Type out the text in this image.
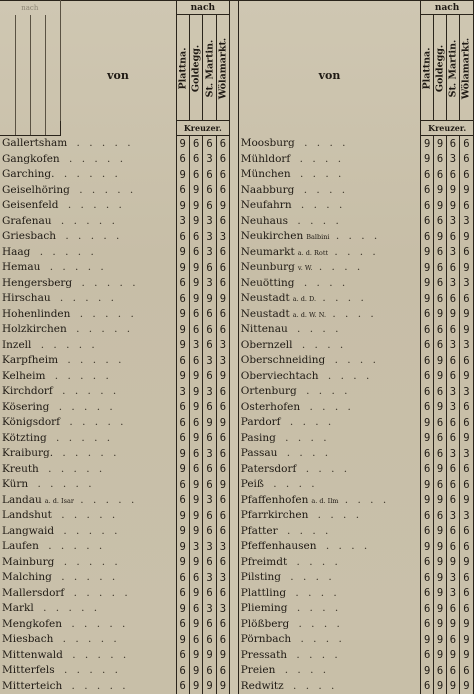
nach					nach						nach			
				von	Plattna.	Goldegg.	St. Martin.	Wölamarkt.		von	Plattna.	Goldegg.	St. Martin.	Wölamarkt.

					Kreuzer.						Kreuzer.			
Gallertsham . . . . .					9	6	6	6		Moosburg . . . .	9	9	6	6
Gangkofen . . . . .					6	6	3	6		Mühldorf . . . .	9	6	3	6
Garching. . . . . .					9	6	6	6		München . . . .	6	6	6	6
Geiselhöring . . . . .					6	9	6	6		Naabburg . . . .	6	9	9	9
Geisenfeld . . . . .					9	9	6	9		Neufahrn . . . .	6	9	9	6
Grafenau . . . . .					3	9	3	6		Neuhaus . . . .	6	6	3	3
Griesbach . . . . .					6	6	3	3		Neukirchen Balbini . . . .	6	9	6	9
Haag . . . . .					9	6	3	6		Neumarkt a. d. Rott . . . .	9	6	3	6
Hemau . . . . .					9	9	6	6		Neunburg v. W. . . . .	9	6	6	9
Hengersberg . . . . .					6	9	3	6		Neuötting . . . .	9	6	3	3
Hirschau . . . . .					6	9	9	9		Neustadt a. d. D. . . . .	9	6	6	6
Hohenlinden . . . . .					9	6	6	6		Neustadt a. d. W. N. . . . .	6	9	9	9
Holzkirchen . . . . .					9	6	6	6		Nittenau . . . .	6	6	6	9
Inzell . . . . .					9	3	6	3		Obernzell . . . .	6	6	3	3
Karpfheim . . . . .					6	6	3	3		Oberschneiding . . . .	6	9	6	6
Kelheim . . . . .					9	9	6	9		Oberviechtach . . . .	6	9	6	9
Kirchdorf . . . . .					3	9	3	6		Ortenburg . . . .	6	6	3	3
Kösering . . . . .					6	9	6	6		Osterhofen . . . .	6	9	3	6
Königsdorf . . . . .					6	6	9	9		Pardorf . . . .	9	6	6	6
Kötzting . . . . .					6	9	6	6		Pasing . . . .	9	6	6	9
Kraiburg. . . . . .					9	6	3	6		Passau . . . .	6	6	3	3
Kreuth . . . . .					9	6	6	6		Patersdorf . . . .	6	9	6	6
Kürn . . . . .					6	9	6	9		Peiß . . . .	9	6	6	6
Landau a. d. Isar . . . . .					6	9	3	6		Pfaffenhofen a. d. Ilm . . . .	9	9	6	9
Landshut . . . . .					9	9	6	6		Pfarrkirchen . . . .	6	6	3	3
Langwaid . . . . .					9	9	6	6		Pfatter . . . .	6	9	6	6
Laufen . . . . .					9	3	3	3		Pfeffenhausen . . . .	9	9	6	6
Mainburg . . . . .					9	9	6	6		Pfreimdt . . . .	6	9	9	9
Malching . . . . .					6	6	3	3		Pilsting . . . .	6	9	3	6
Mallersdorf . . . . .					6	9	6	6		Plattling . . . .	6	9	3	6
Markl . . . . .					9	6	3	3		Plieming . . . .	6	9	6	6
Mengkofen . . . . .					6	9	6	6		Plößberg . . . .	6	9	9	9
Miesbach . . . . .					9	6	6	6		Pörnbach . . . .	9	9	6	9
Mittenwald . . . . .					6	9	9	9		Pressath . . . .	6	9	9	9
Mitterfels . . . . .					6	9	6	6		Preien . . . .	9	6	6	6
Mitterteich . . . . .					6	9	9	9		Redwitz . . . .	6	9	9	9
